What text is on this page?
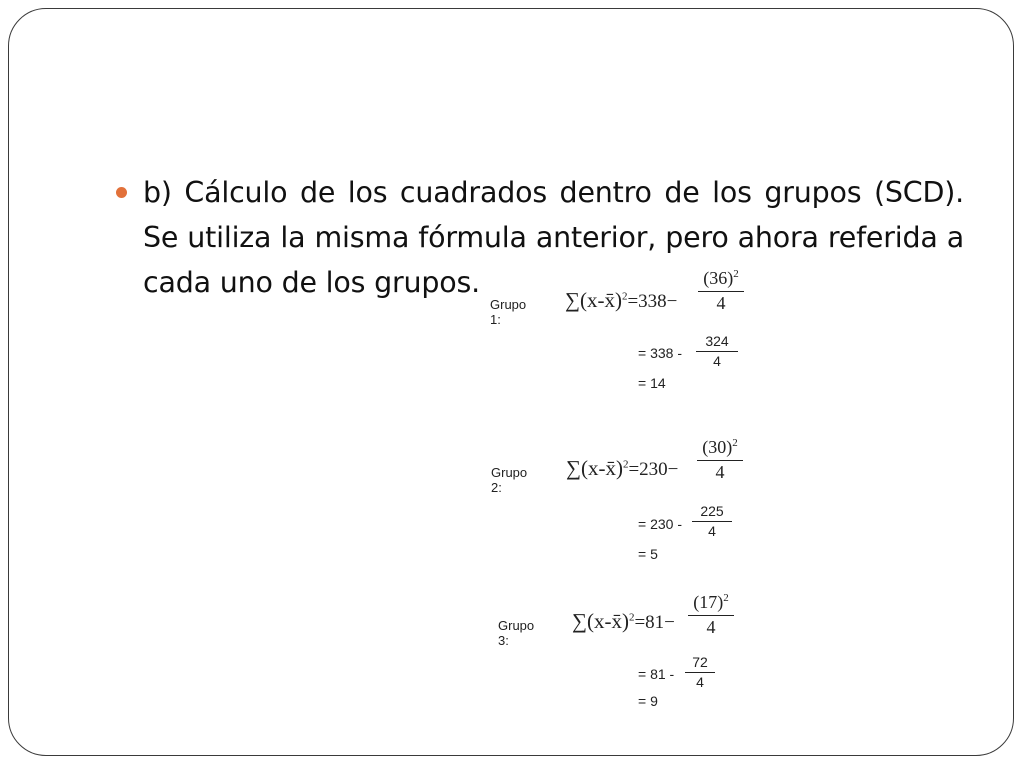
b) Cálculo de los cuadrados dentro de los grupos (SCD). Se utiliza la misma fórmula anterior, pero ahora referida a cada uno de los grupos.
Grupo 1:
∑(x-x̄)$^2$=338− $\frac{(36)^2}{4}$
= $338 - \frac{324}{4}$
= 14
Grupo 2:
∑(x-x̄)$^2$=230− $\frac{(30)^2}{4}$
= $230 - \frac{225}{4}$
= 5
Grupo 3:
∑(x-x̄)$^2$=81− $\frac{(17)^2}{4}$
= $81 - \frac{72}{4}$
= 9
